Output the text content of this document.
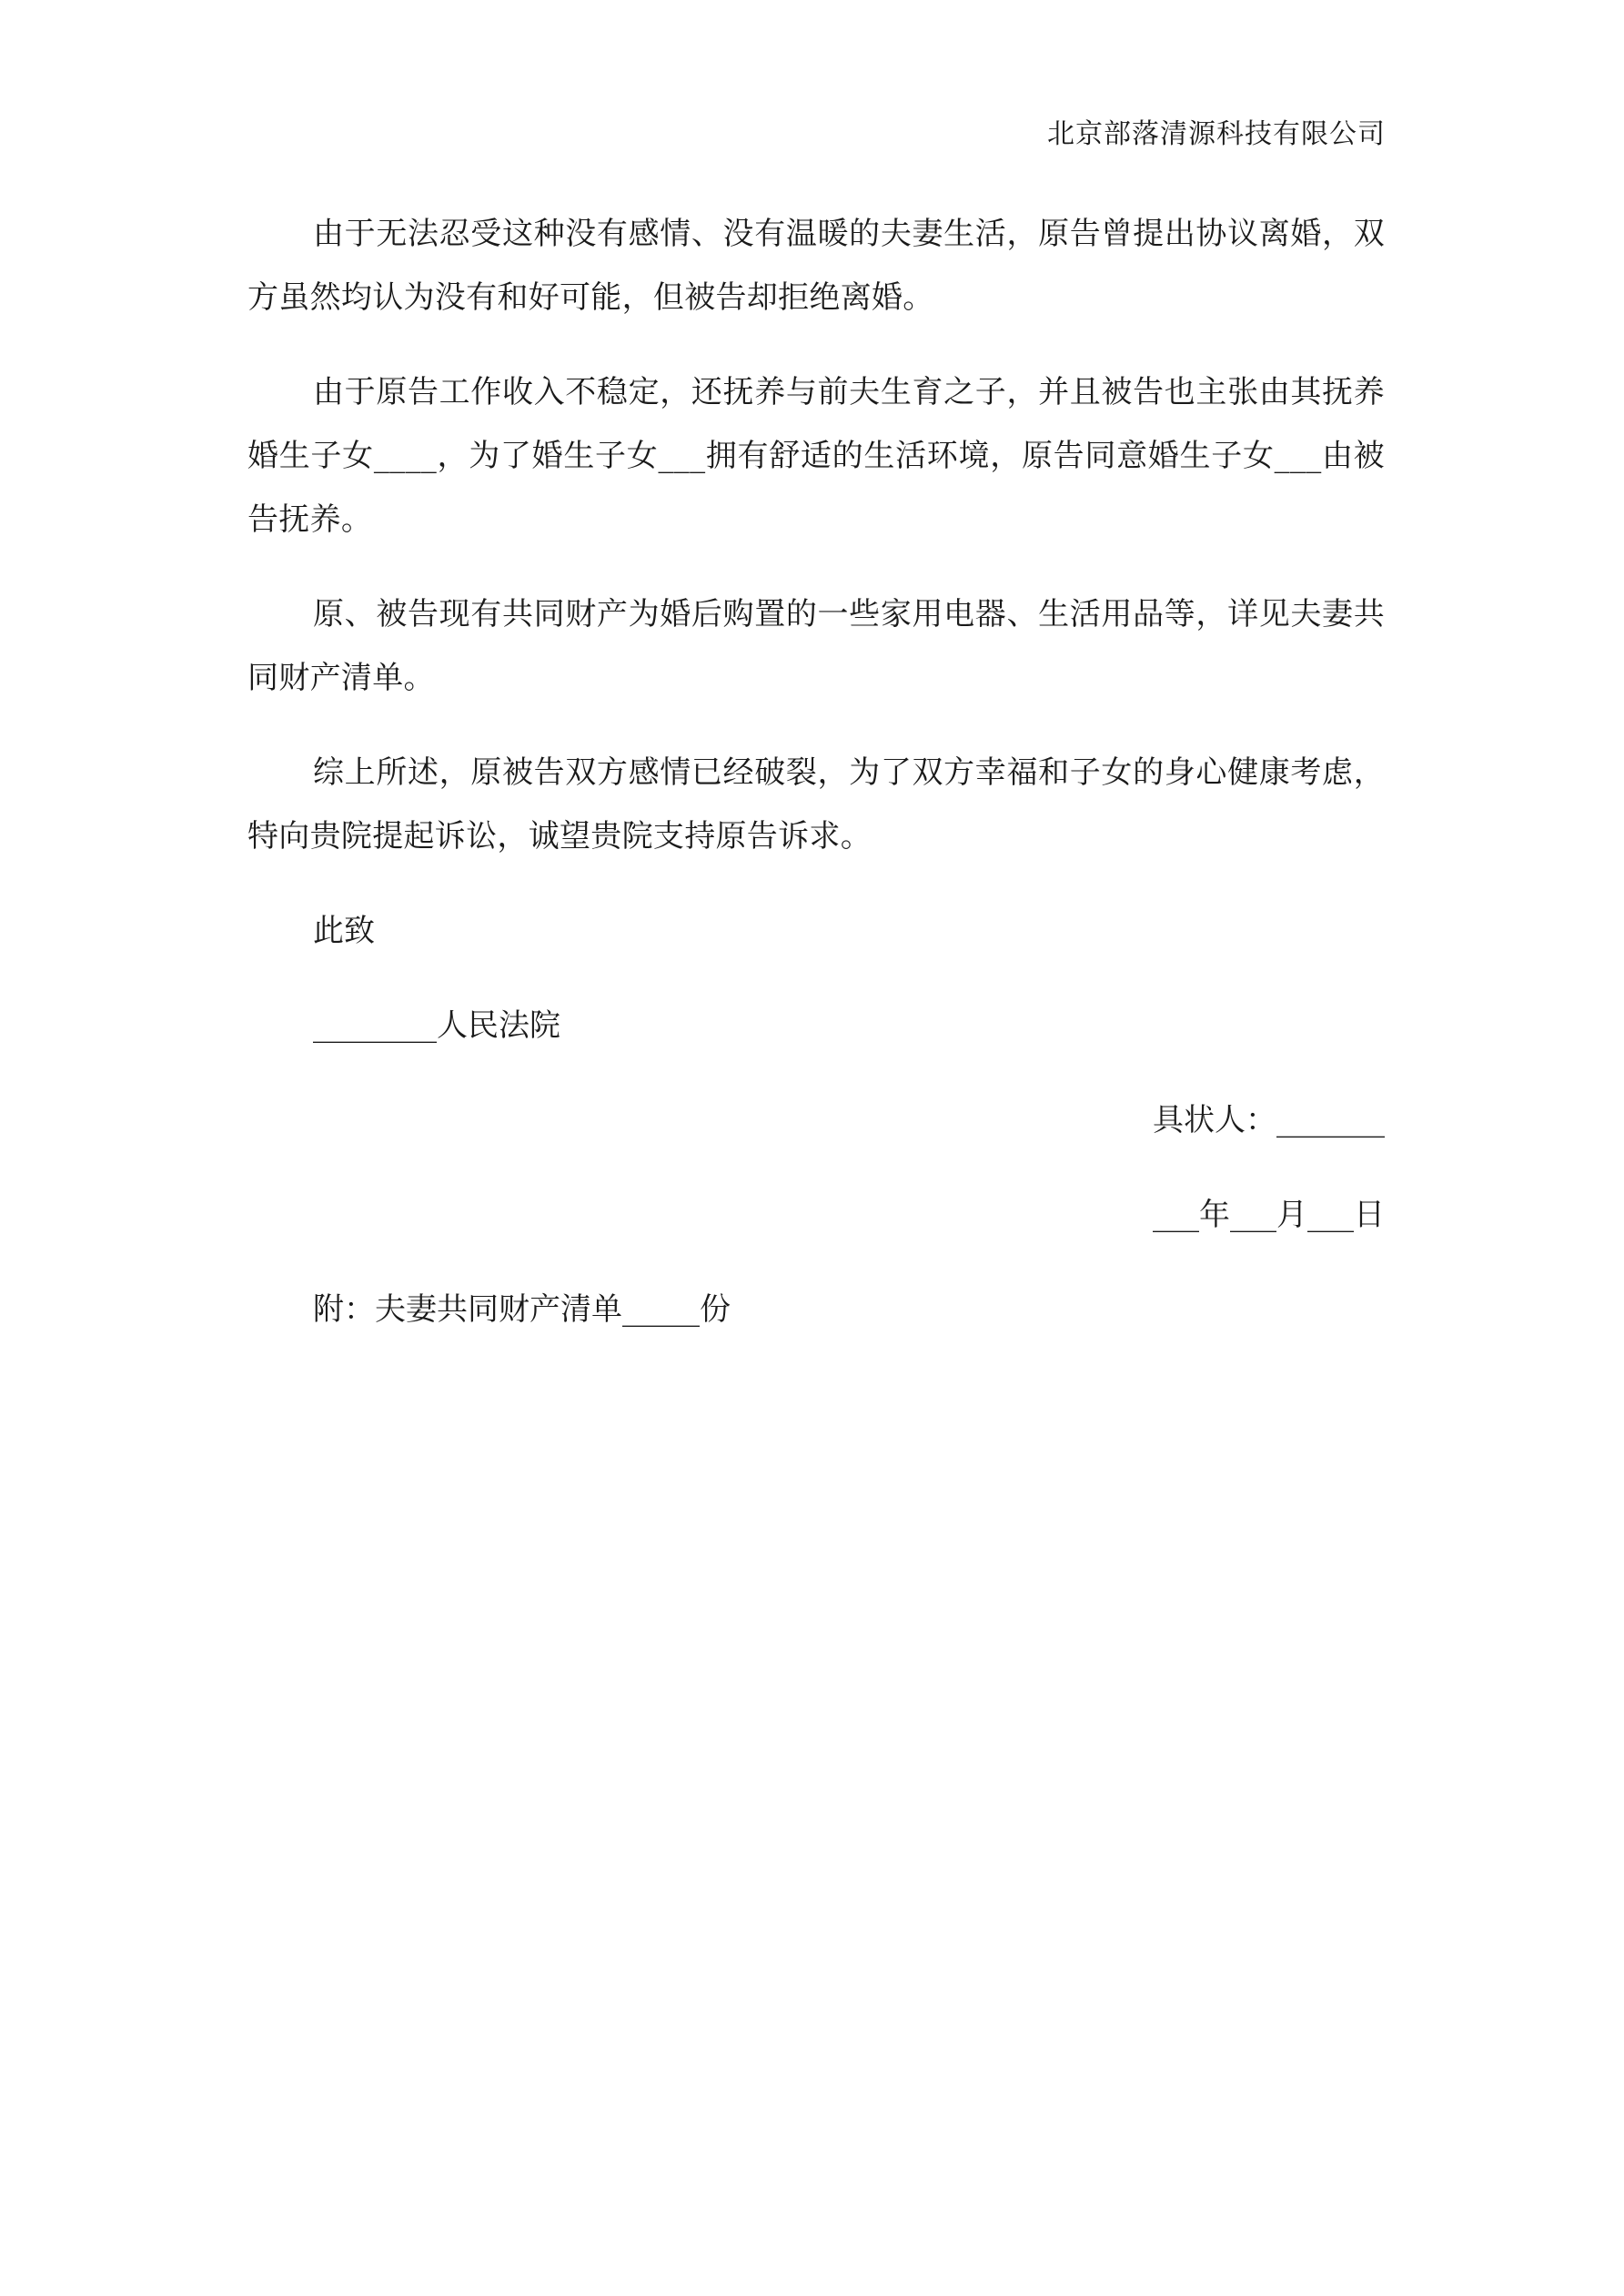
北京部落清源科技有限公司

由于无法忍受这种没有感情、没有温暖的夫妻生活，原告曾提出协议离婚，双方虽然均认为没有和好可能，但被告却拒绝离婚。

由于原告工作收入不稳定，还抚养与前夫生育之子，并且被告也主张由其抚养婚生子女____，为了婚生子女___拥有舒适的生活环境，原告同意婚生子女___由被告抚养。

原、被告现有共同财产为婚后购置的一些家用电器、生活用品等，详见夫妻共同财产清单。

综上所述，原被告双方感情已经破裂，为了双方幸福和子女的身心健康考虑，特向贵院提起诉讼，诚望贵院支持原告诉求。

此致
________人民法院
具状人：_______
___年___月___日
附：夫妻共同财产清单_____份
